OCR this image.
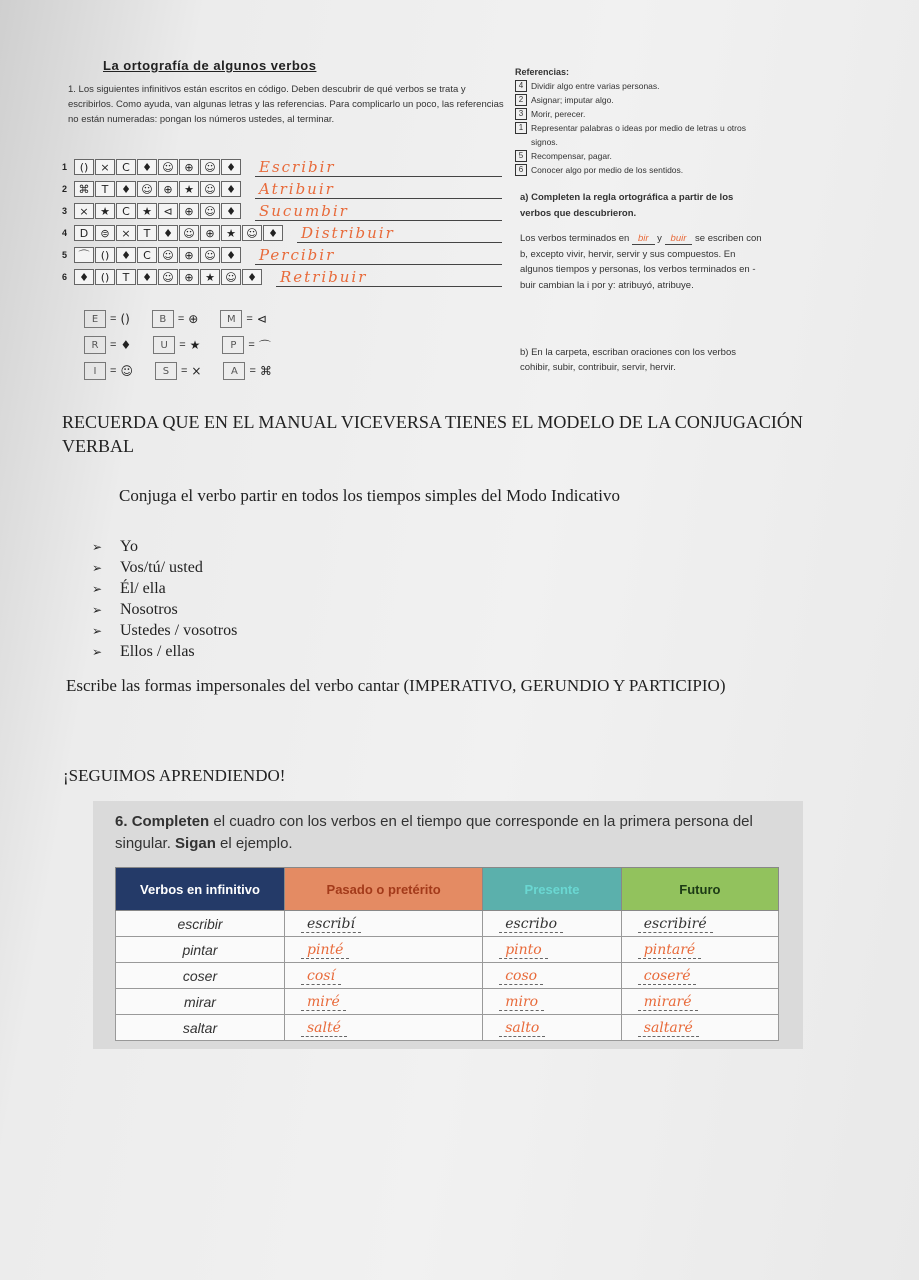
La ortografía de algunos verbos
1. Los siguientes infinitivos están escritos en código. Deben descubrir de qué verbos se trata y escribirlos. Como ayuda, van algunas letras y las referencias. Para complicarlo un poco, las referencias no están numeradas: pongan los números ustedes, al terminar.
1	()	×	C	♦ ☺ ⊕ ☺ ♦	Escribir
2	⌘	T	♦ ☺ ⊕	★ ☺ ♦	Atribuir
3	×	★	C	★	⊲	⊕ ☺ ♦	Sucumbir
4	D	⊜	×	T	♦ ☺ ⊕	★ ☺ ♦	Distribuir
5	⌒	()	♦	C	☺ ⊕ ☺ ♦	Percibir
6	♦	()	T	♦ ☺ ⊕	★ ☺ ♦	Retribuir
E	= ()	B	= ⊕	M = ⊲
R	= ♦	U	= ★	P	= ⌒
I	= ☺	S	= ×	A	= ⌘
Referencias:
4 Dividir algo entre varias personas.
2 Asignar; imputar algo.
3 Morir, perecer.
1 Representar palabras o ideas por medio de letras u otros signos.
5 Recompensar, pagar.
6 Conocer algo por medio de los sentidos.
a) Completen la regla ortográfica a partir de los verbos que descubrieron.
Los verbos terminados en bir y buir se escriben con b, excepto vivir, hervir, servir y sus compuestos. En algunos tiempos y personas, los verbos terminados en -buir cambian la i por y: atribuyó, atribuye.
b) En la carpeta, escriban oraciones con los verbos cohibir, subir, contribuir, servir, hervir.
RECUERDA QUE EN EL MANUAL VICEVERSA TIENES EL MODELO DE LA CONJUGACIÓN VERBAL
Conjuga el verbo partir en todos los tiempos simples del Modo Indicativo
➢	Yo
➢	Vos/tú/ usted
➢	Él/ ella
➢	Nosotros
➢	Ustedes / vosotros
➢	Ellos / ellas
Escribe las formas impersonales del verbo cantar (IMPERATIVO, GERUNDIO Y PARTICIPIO)
¡SEGUIMOS APRENDIENDO!
6. Completen el cuadro con los verbos en el tiempo que corresponde en la primera persona del singular. Sigan el ejemplo.
Verbos en infinitivo	Pasado o pretérito	Presente	Futuro
escribir	escribí	escribo	escribiré
pintar	pinté	pinto	pintaré
coser	cosí	coso	coseré
mirar	miré	miro	miraré
saltar	salté	salto	saltaré
